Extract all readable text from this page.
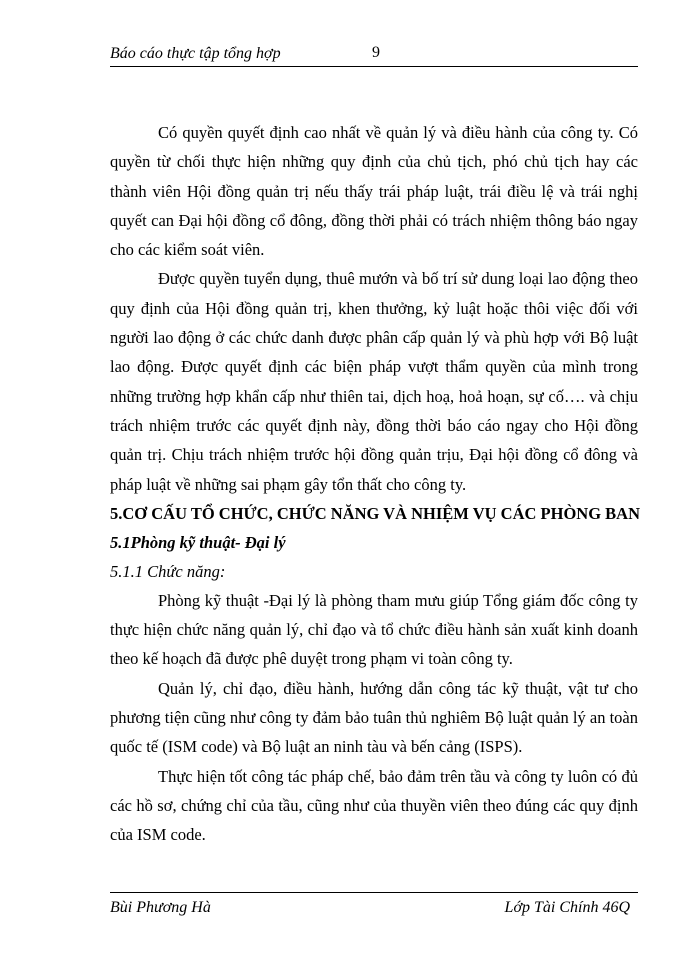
Báo cáo thực tập tổng hợp	9

Có quyền quyết định cao nhất về quản lý và điều hành của công ty. Có quyền từ chối thực hiện những quy định của chủ tịch, phó chủ tịch hay các thành viên Hội đồng quản trị nếu thấy trái pháp luật, trái điều lệ và trái nghị quyết can Đại hội đồng cổ đông, đồng thời phải có trách nhiệm thông báo ngay cho các kiểm soát viên.

Được quyền tuyển dụng, thuê mướn và bố trí sử dung loại lao động theo quy định của Hội đồng quản trị, khen thưởng, kỷ luật hoặc thôi việc đối với người lao động ở các chức danh được phân cấp quản lý và phù hợp với Bộ luật lao động. Được quyết định các biện pháp vượt thẩm quyền của mình trong những trường hợp khẩn cấp như thiên tai, dịch hoạ, hoả hoạn, sự cố…. và chịu trách nhiệm trước các quyết định này, đồng thời báo cáo ngay cho Hội đồng quản trị. Chịu trách nhiệm trước hội đồng quản trịu, Đại hội đồng cổ đông và pháp luật về những sai phạm gây tổn thất cho công ty.

5.CƠ CẤU TỔ CHỨC, CHỨC NĂNG VÀ NHIỆM VỤ CÁC PHÒNG BAN

5.1Phòng kỹ thuật- Đại lý

5.1.1 Chức năng:

Phòng kỹ thuật -Đại lý là phòng tham mưu giúp Tổng giám đốc công ty thực hiện chức năng quản lý, chỉ đạo và tổ chức điều hành sản xuất kinh doanh theo kế hoạch đã được phê duyệt trong phạm vi toàn công ty.

Quản lý, chỉ đạo, điều hành, hướng dẫn công tác kỹ thuật, vật tư cho phương tiện cũng như công ty đảm bảo tuân thủ nghiêm Bộ luật quản lý an toàn quốc tế (ISM code) và Bộ luật an ninh tàu và bến cảng (ISPS).

Thực hiện tốt công tác pháp chế, bảo đảm trên tầu và công ty luôn có đủ các hồ sơ, chứng chỉ của tầu, cũng như của thuyền viên theo đúng các quy định của ISM code.

Bùi Phương Hà	Lớp Tài Chính 46Q
